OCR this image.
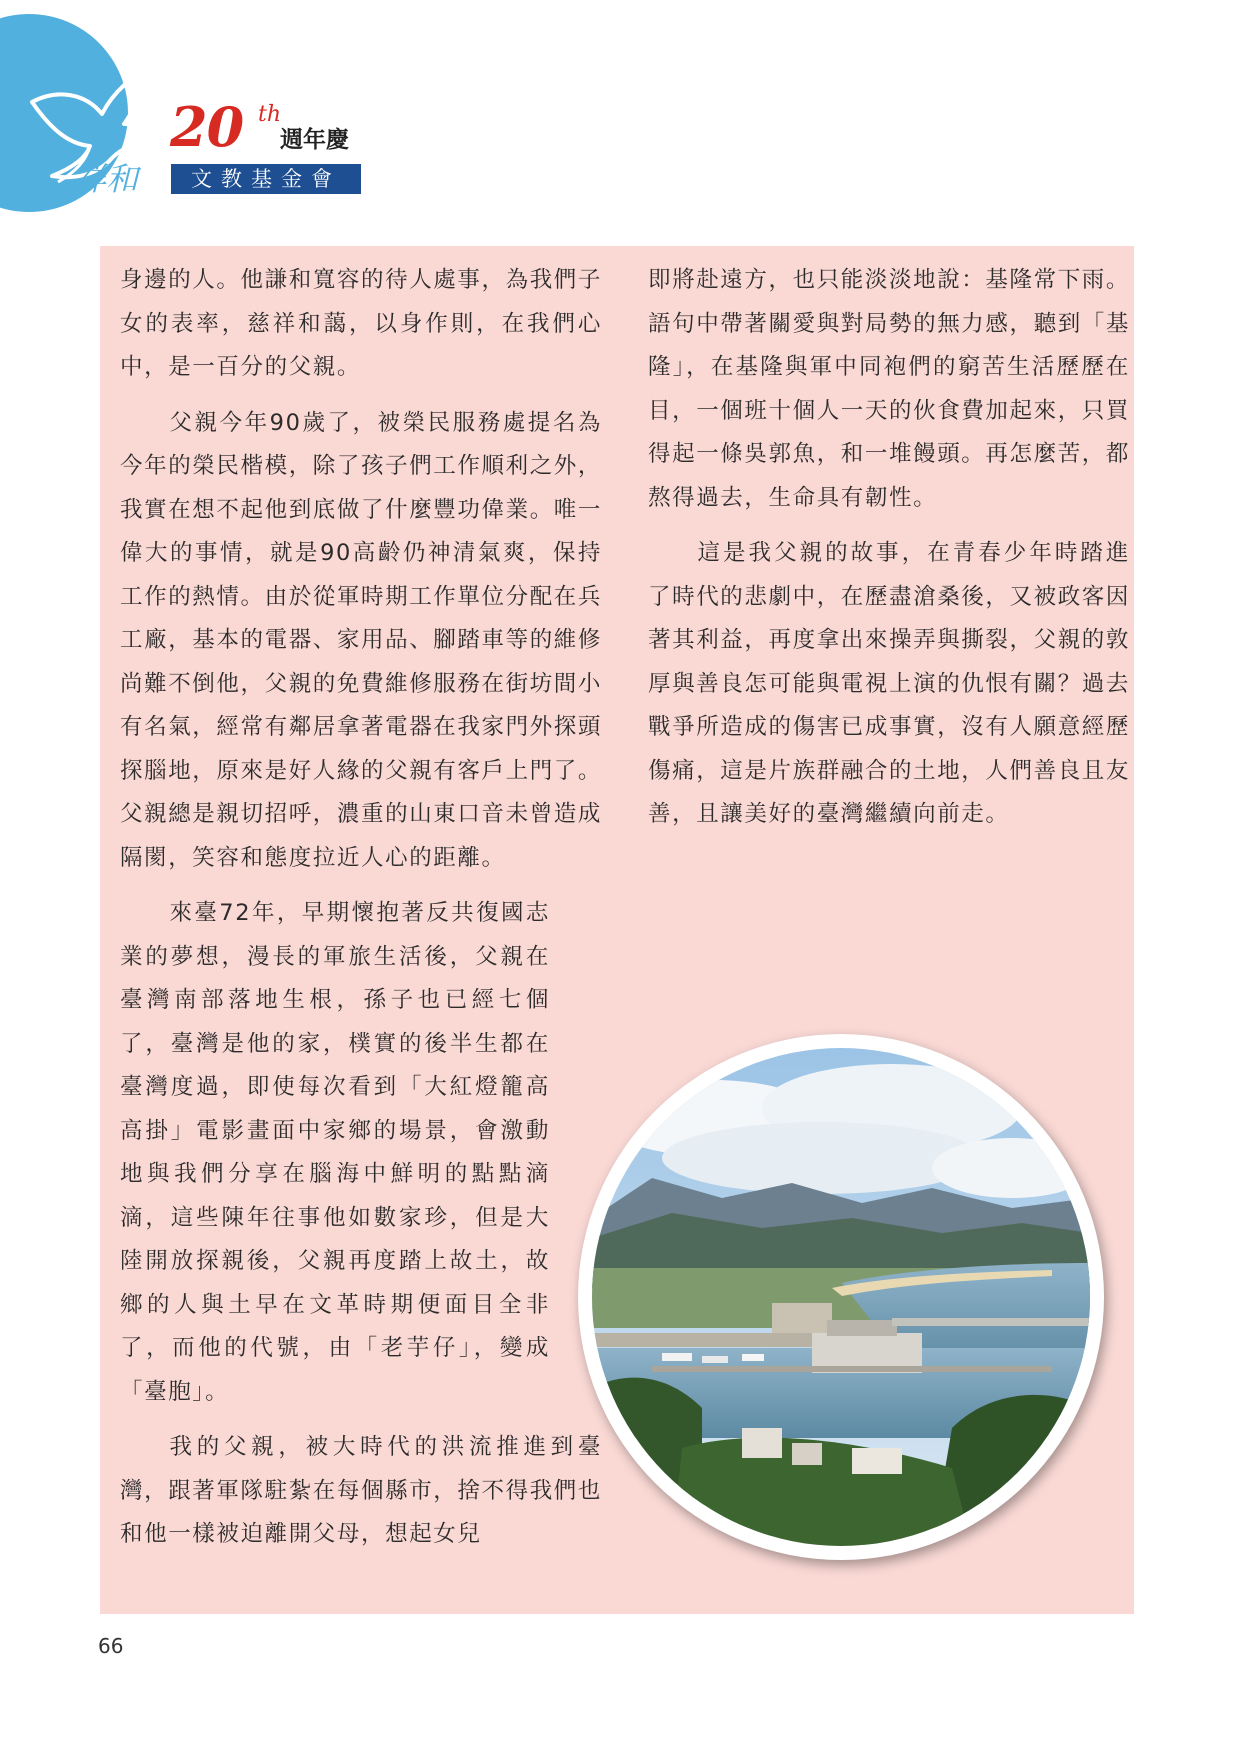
祥和
20 th
週年慶
文教基金會

身邊的人。他謙和寬容的待人處事，為我們子女的表率，慈祥和藹，以身作則，在我們心中，是一百分的父親。

父親今年90歲了，被榮民服務處提名為今年的榮民楷模，除了孩子們工作順利之外，我實在想不起他到底做了什麼豐功偉業。唯一偉大的事情，就是90高齡仍神清氣爽，保持工作的熱情。由於從軍時期工作單位分配在兵工廠，基本的電器、家用品、腳踏車等的維修尚難不倒他，父親的免費維修服務在街坊間小有名氣，經常有鄰居拿著電器在我家門外探頭探腦地，原來是好人緣的父親有客戶上門了。父親總是親切招呼，濃重的山東口音未曾造成隔閡，笑容和態度拉近人心的距離。

來臺72年，早期懷抱著反共復國志業的夢想，漫長的軍旅生活後，父親在臺灣南部落地生根，孫子也已經七個了，臺灣是他的家，樸實的後半生都在臺灣度過，即使每次看到「大紅燈籠高高掛」電影畫面中家鄉的場景，會激動地與我們分享在腦海中鮮明的點點滴滴，這些陳年往事他如數家珍，但是大陸開放探親後，父親再度踏上故土，故鄉的人與土早在文革時期便面目全非了，而他的代號，由「老芋仔」，變成「臺胞」。

我的父親，被大時代的洪流推進到臺灣，跟著軍隊駐紮在每個縣市，捨不得我們也和他一樣被迫離開父母，想起女兒

即將赴遠方，也只能淡淡地說：基隆常下雨。語句中帶著關愛與對局勢的無力感，聽到「基隆」，在基隆與軍中同袍們的窮苦生活歷歷在目，一個班十個人一天的伙食費加起來，只買得起一條吳郭魚，和一堆饅頭。再怎麼苦，都熬得過去，生命具有韌性。

這是我父親的故事，在青春少年時踏進了時代的悲劇中，在歷盡滄桑後，又被政客因著其利益，再度拿出來操弄與撕裂，父親的敦厚與善良怎可能與電視上演的仇恨有關？過去戰爭所造成的傷害已成事實，沒有人願意經歷傷痛，這是片族群融合的土地，人們善良且友善，且讓美好的臺灣繼續向前走。

66
